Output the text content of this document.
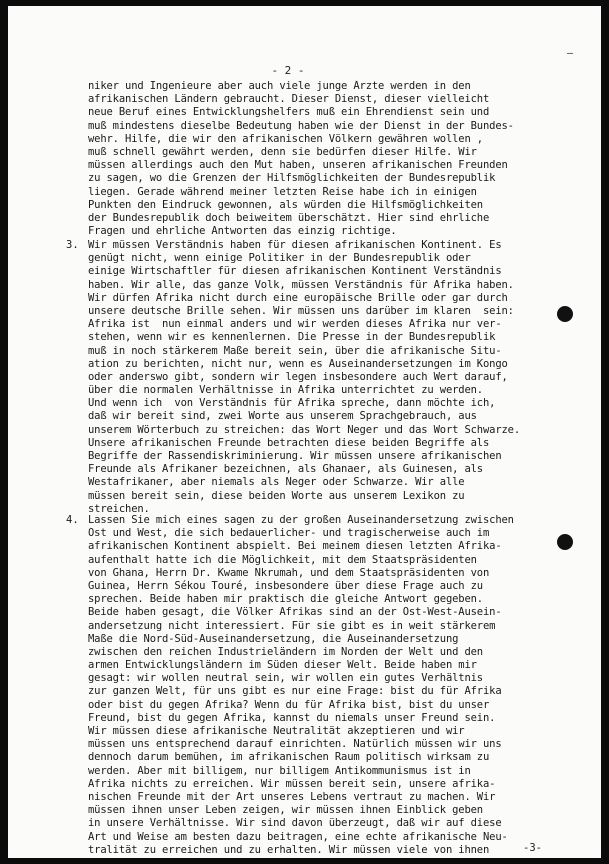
—
- 2 -
niker und Ingenieure aber auch viele junge Ärzte werden in den
afrikanischen Ländern gebraucht. Dieser Dienst, dieser vielleicht
neue Beruf eines Entwicklungshelfers muß ein Ehrendienst sein und
muß mindestens dieselbe Bedeutung haben wie der Dienst in der Bundes-
wehr. Hilfe, die wir den afrikanischen Völkern gewähren wollen ,
muß schnell gewährt werden, denn sie bedürfen dieser Hilfe. Wir
müssen allerdings auch den Mut haben, unseren afrikanischen Freunden
zu sagen, wo die Grenzen der Hilfsmöglichkeiten der Bundesrepublik
liegen. Gerade während meiner letzten Reise habe ich in einigen
Punkten den Eindruck gewonnen, als würden die Hilfsmöglichkeiten
der Bundesrepublik doch beiweitem überschätzt. Hier sind ehrliche
Fragen und ehrliche Antworten das einzig richtige.
3. Wir müssen Verständnis haben für diesen afrikanischen Kontinent. Es
genügt nicht, wenn einige Politiker in der Bundesrepublik oder
einige Wirtschaftler für diesen afrikanischen Kontinent Verständnis
haben. Wir alle, das ganze Volk, müssen Verständnis für Afrika haben.
Wir dürfen Afrika nicht durch eine europäische Brille oder gar durch
unsere deutsche Brille sehen. Wir müssen uns darüber im klaren  sein:
Afrika ist  nun einmal anders und wir werden dieses Afrika nur ver-
stehen, wenn wir es kennenlernen. Die Presse in der Bundesrepublik
muß in noch stärkerem Maße bereit sein, über die afrikanische Situ-
ation zu berichten, nicht nur, wenn es Auseinandersetzungen im Kongo
oder anderswo gibt, sondern wir legen insbesondere auch Wert darauf,
über die normalen Verhältnisse in Afrika unterrichtet zu werden.
Und wenn ich  von Verständnis für Afrika spreche, dann möchte ich,
daß wir bereit sind, zwei Worte aus unserem Sprachgebrauch, aus
unserem Wörterbuch zu streichen: das Wort Neger und das Wort Schwarze.
Unsere afrikanischen Freunde betrachten diese beiden Begriffe als
Begriffe der Rassendiskriminierung. Wir müssen unsere afrikanischen
Freunde als Afrikaner bezeichnen, als Ghanaer, als Guinesen, als
Westafrikaner, aber niemals als Neger oder Schwarze. Wir alle
müssen bereit sein, diese beiden Worte aus unserem Lexikon zu
streichen.
4. Lassen Sie mich eines sagen zu der großen Auseinandersetzung zwischen
Ost und West, die sich bedauerlicher- und tragischerweise auch im
afrikanischen Kontinent abspielt. Bei meinem diesen letzten Afrika-
aufenthalt hatte ich die Möglichkeit, mit dem Staatspräsidenten
von Ghana, Herrn Dr. Kwame Nkrumah, und dem Staatspräsidenten von
Guinea, Herrn Sékou Touré, insbesondere über diese Frage auch zu
sprechen. Beide haben mir praktisch die gleiche Antwort gegeben.
Beide haben gesagt, die Völker Afrikas sind an der Ost-West-Ausein-
andersetzung nicht interessiert. Für sie gibt es in weit stärkerem
Maße die Nord-Süd-Auseinandersetzung, die Auseinandersetzung
zwischen den reichen Industrieländern im Norden der Welt und den
armen Entwicklungsländern im Süden dieser Welt. Beide haben mir
gesagt: wir wollen neutral sein, wir wollen ein gutes Verhältnis
zur ganzen Welt, für uns gibt es nur eine Frage: bist du für Afrika
oder bist du gegen Afrika? Wenn du für Afrika bist, bist du unser
Freund, bist du gegen Afrika, kannst du niemals unser Freund sein.
Wir müssen diese afrikanische Neutralität akzeptieren und wir
müssen uns entsprechend darauf einrichten. Natürlich müssen wir uns
dennoch darum bemühen, im afrikanischen Raum politisch wirksam zu
werden. Aber mit billigem, nur billigem Antikommunismus ist in
Afrika nichts zu erreichen. Wir müssen bereit sein, unsere afrika-
nischen Freunde mit der Art unseres Lebens vertraut zu machen. Wir
müssen ihnen unser Leben zeigen, wir müssen ihnen Einblick geben
in unsere Verhältnisse. Wir sind davon überzeugt, daß wir auf diese
Art und Weise am besten dazu beitragen, eine echte afrikanische Neu-
tralität zu erreichen und zu erhalten. Wir müssen viele von ihnen	-3-
